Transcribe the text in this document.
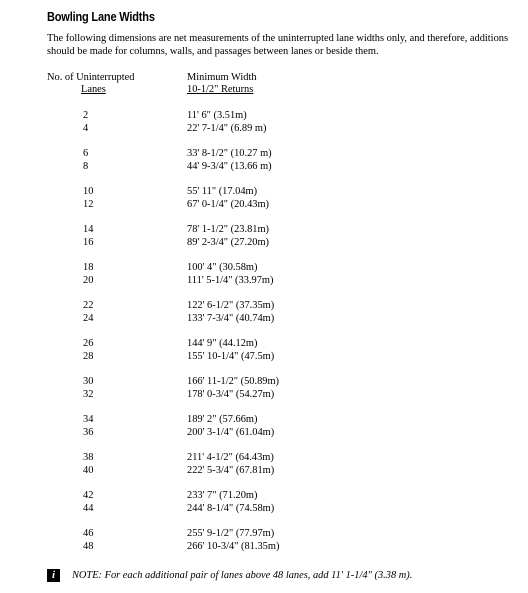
Bowling Lane Widths

The following dimensions are net measurements of the uninterrupted lane widths only, and therefore, additions should be made for columns, walls, and passages between lanes or beside them.

No. of Uninterrupted
Lanes
Minimum Width
10-1/2" Returns
2	11' 6" (3.51m)
4	22' 7-1/4" (6.89 m)
6	33' 8-1/2" (10.27 m)
8	44' 9-3/4" (13.66 m)
10	55' 11" (17.04m)
12	67' 0-1/4" (20.43m)
14	78' 1-1/2" (23.81m)
16	89' 2-3/4" (27.20m)
18	100' 4" (30.58m)
20	111' 5-1/4" (33.97m)
22	122' 6-1/2" (37.35m)
24	133' 7-3/4" (40.74m)
26	144' 9" (44.12m)
28	155' 10-1/4" (47.5m)
30	166' 11-1/2" (50.89m)
32	178' 0-3/4" (54.27m)
34	189' 2" (57.66m)
36	200' 3-1/4" (61.04m)
38	211' 4-1/2" (64.43m)
40	222' 5-3/4" (67.81m)
42	233' 7" (71.20m)
44	244' 8-1/4" (74.58m)
46	255' 9-1/2" (77.97m)
48	266' 10-3/4" (81.35m)
i	NOTE: For each additional pair of lanes above 48 lanes, add 11' 1-1/4" (3.38 m).
